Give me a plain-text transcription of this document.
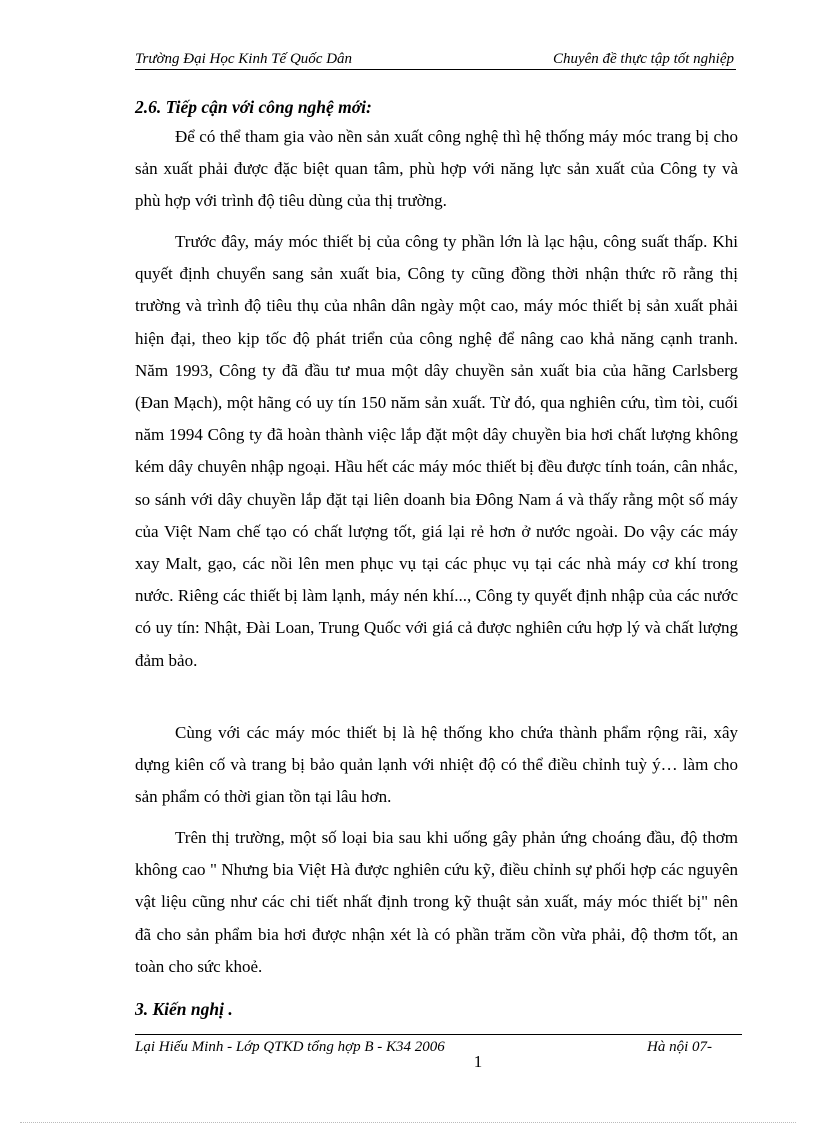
Trường Đại Học Kinh Tế Quốc Dân	Chuyên đề thực tập tốt nghiệp
2.6. Tiếp cận với công nghệ mới:

Để có thể tham gia vào nền sản xuất công nghệ thì hệ thống máy móc trang bị cho sản xuất phải được đặc biệt quan tâm, phù hợp với năng lực sản xuất của Công ty và phù hợp với trình độ tiêu dùng của thị trường.

Trước đây, máy móc thiết bị của công ty phần lớn là lạc hậu, công suất thấp. Khi quyết định chuyển sang sản xuất bia, Công ty cũng đồng thời nhận thức rõ rằng thị trường và trình độ tiêu thụ của nhân dân ngày một cao, máy móc thiết bị sản xuất phải hiện đại, theo kịp tốc độ phát triển của công nghệ để nâng cao khả năng cạnh tranh. Năm 1993, Công ty đã đầu tư mua một dây chuyền sản xuất bia của hãng Carlsberg (Đan Mạch), một hãng có uy tín 150 năm sản xuất. Từ đó, qua nghiên cứu, tìm tòi, cuối năm 1994 Công ty đã hoàn thành việc lắp đặt một dây chuyền bia hơi chất lượng không kém dây chuyên nhập ngoại. Hầu hết các máy móc thiết bị đều được tính toán, cân nhắc, so sánh với dây chuyền lắp đặt tại liên doanh bia Đông Nam á và thấy rằng một số máy của Việt Nam chế tạo có chất lượng tốt, giá lại rẻ hơn ở nước ngoài. Do vậy các máy xay Malt, gạo, các nồi lên men phục vụ tại các phục vụ tại các nhà máy cơ khí trong nước. Riêng các thiết bị làm lạnh, máy nén khí..., Công ty quyết định nhập của các nước có uy tín: Nhật, Đài Loan, Trung Quốc với giá cả được nghiên cứu hợp lý và chất lượng đảm bảo.

Cùng với các máy móc thiết bị là hệ thống kho chứa thành phẩm rộng rãi, xây dựng kiên cố và trang bị bảo quản lạnh với nhiệt độ có thể điều chỉnh tuỳ ý… làm cho sản phẩm có thời gian tồn tại lâu hơn.

Trên thị trường, một số loại bia sau khi uống gây phản ứng choáng đầu, độ thơm không cao " Nhưng bia Việt Hà được nghiên cứu kỹ, điều chỉnh sự phối hợp các nguyên vật liệu cũng như các chi tiết nhất định trong kỹ thuật sản xuất, máy móc thiết bị" nên đã cho sản phẩm bia hơi được nhận xét là có phần trăm cồn vừa phải, độ thơm tốt, an toàn cho sức khoẻ.

3. Kiến nghị .
Lại Hiếu Minh - Lớp QTKD tổng hợp B - K34 2006	Hà nội 07-
1
